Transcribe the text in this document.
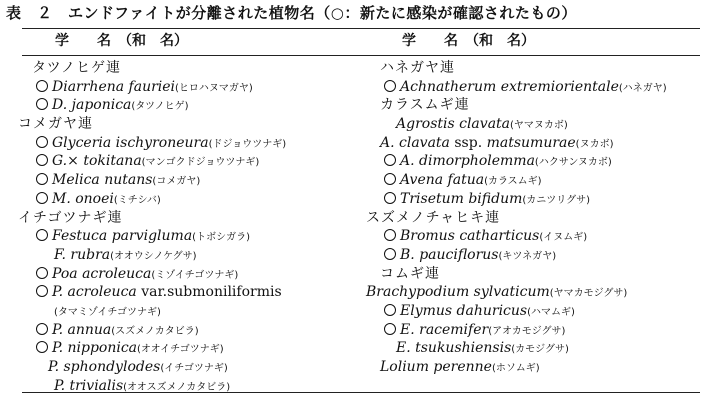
表　２　エンドファイトが分離された植物名（○：新たに感染が確認されたもの）
学　　名　（和　名）	学　　名　（和　名）
タツノヒゲ連
Diarrhena fauriei(ヒロハヌマガヤ)
D. japonica(タツノヒゲ)
コメガヤ連
Glyceria ischyroneura(ドジョウツナギ)
G.× tokitana(マンゴクドジョウツナギ)
Melica nutans(コメガヤ)
M. onoei(ミチシバ)
イチゴツナギ連
Festuca parvigluma(トボシガラ)
F. rubra(オオウシノケグサ)
Poa acroleuca(ミゾイチゴツナギ)
P. acroleuca var.submoniliformis
(タマミゾイチゴツナギ)
P. annua(スズメノカタビラ)
P. nipponica(オオイチゴツナギ)
P. sphondylodes(イチゴツナギ)
P. trivialis(オオスズメノカタビラ)
ハネガヤ連
Achnatherum extremiorientale(ハネガヤ)
カラスムギ連
Agrostis clavata(ヤマヌカボ)
A. clavata ssp. matsumurae(ヌカボ)
A. dimorpholemma(ハクサンヌカボ)
Avena fatua(カラスムギ)
Trisetum bifidum(カニツリグサ)
スズメノチャヒキ連
Bromus catharticus(イヌムギ)
B. pauciflorus(キツネガヤ)
コムギ連
Brachypodium sylvaticum(ヤマカモジグサ)
Elymus dahuricus(ハマムギ)
E. racemifer(アオカモジグサ)
E. tsukushiensis(カモジグサ)
Lolium perenne(ホソムギ)
